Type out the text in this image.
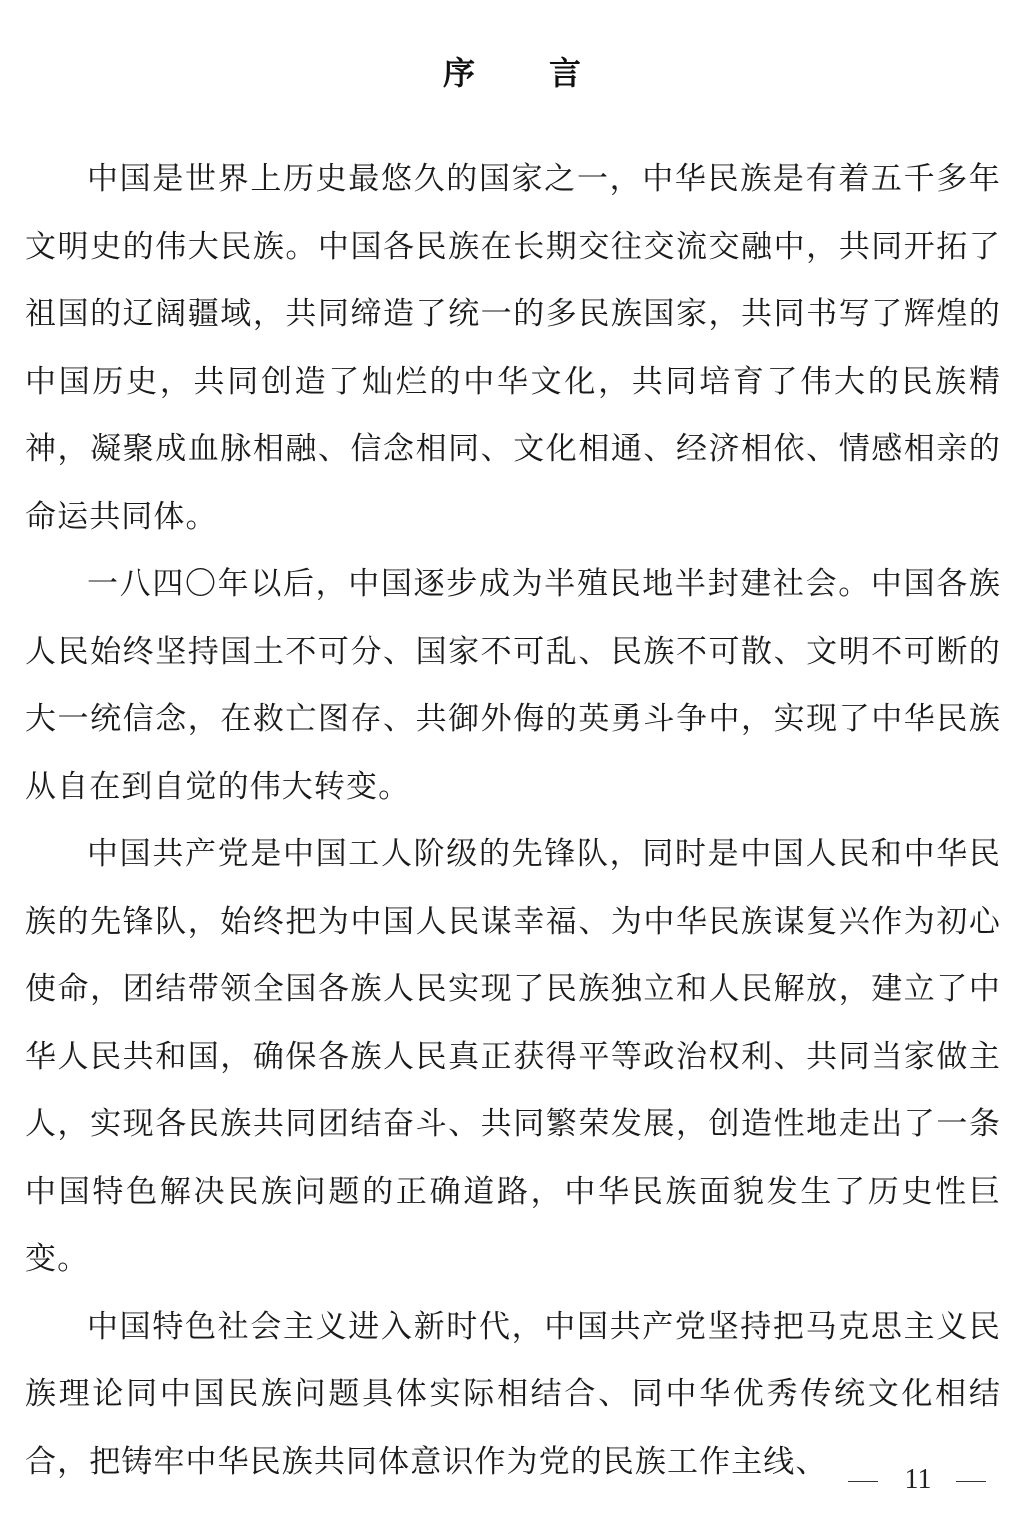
序 言

中国是世界上历史最悠久的国家之一，中华民族是有着五千多年文明史的伟大民族。中国各民族在长期交往交流交融中，共同开拓了祖国的辽阔疆域，共同缔造了统一的多民族国家，共同书写了辉煌的中国历史，共同创造了灿烂的中华文化，共同培育了伟大的民族精神，凝聚成血脉相融、信念相同、文化相通、经济相依、情感相亲的命运共同体。

一八四〇年以后，中国逐步成为半殖民地半封建社会。中国各族人民始终坚持国土不可分、国家不可乱、民族不可散、文明不可断的大一统信念，在救亡图存、共御外侮的英勇斗争中，实现了中华民族从自在到自觉的伟大转变。

中国共产党是中国工人阶级的先锋队，同时是中国人民和中华民族的先锋队，始终把为中国人民谋幸福、为中华民族谋复兴作为初心使命，团结带领全国各族人民实现了民族独立和人民解放，建立了中华人民共和国，确保各族人民真正获得平等政治权利、共同当家做主人，实现各民族共同团结奋斗、共同繁荣发展，创造性地走出了一条中国特色解决民族问题的正确道路，中华民族面貌发生了历史性巨变。

中国特色社会主义进入新时代，中国共产党坚持把马克思主义民族理论同中国民族问题具体实际相结合、同中华优秀传统文化相结合，把铸牢中华民族共同体意识作为党的民族工作主线、	11
